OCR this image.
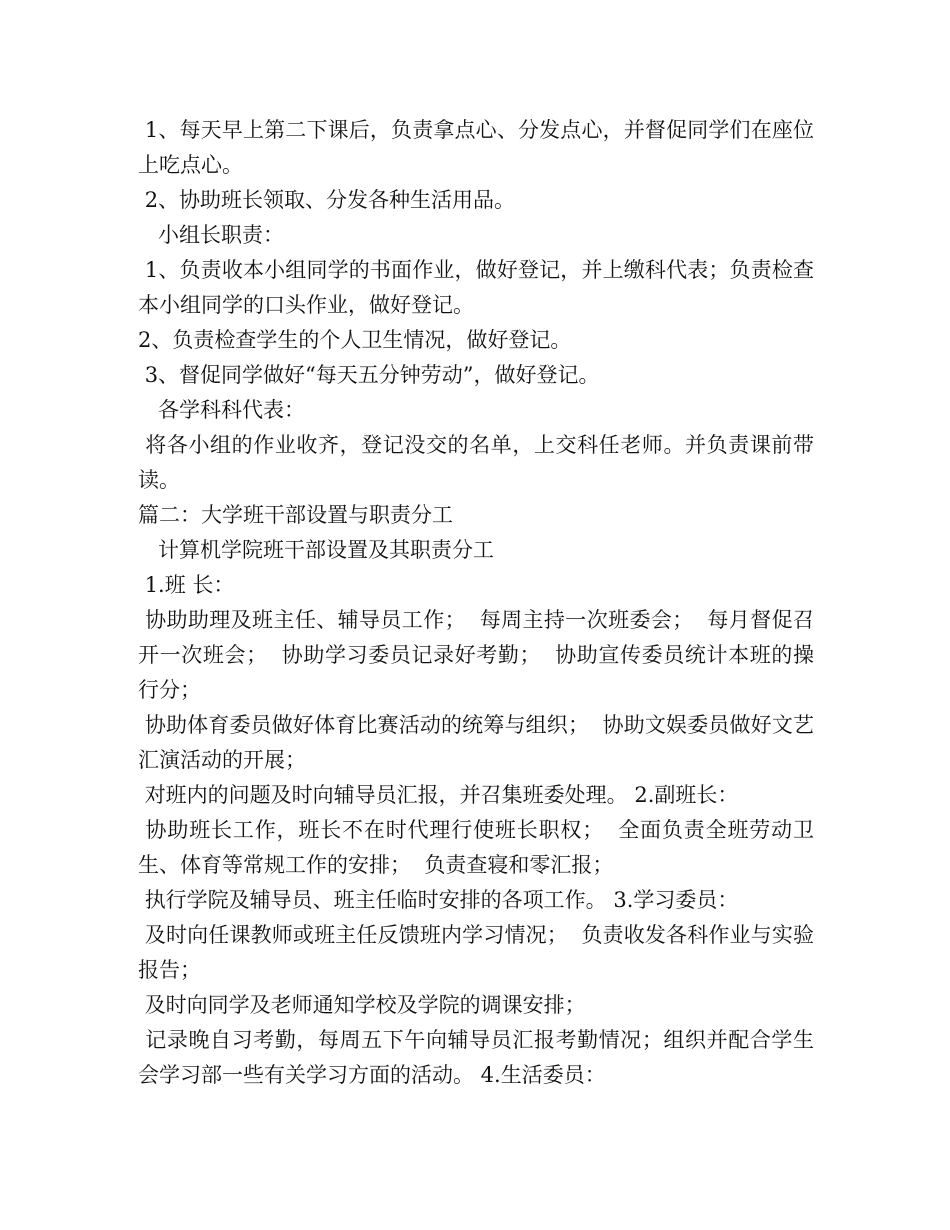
1、每天早上第二下课后，负责拿点心、分发点心，并督促同学们在座位上吃点心。

2、协助班长领取、分发各种生活用品。

小组长职责：

1、负责收本小组同学的书面作业，做好登记，并上缴科代表；负责检查本小组同学的口头作业，做好登记。

2、负责检查学生的个人卫生情况，做好登记。

3、督促同学做好“每天五分钟劳动”，做好登记。

各学科科代表：

将各小组的作业收齐，登记没交的名单，上交科任老师。并负责课前带读。

篇二：大学班干部设置与职责分工

计算机学院班干部设置及其职责分工

1.班 长：

协助助理及班主任、辅导员工作；  每周主持一次班委会；  每月督促召开一次班会；  协助学习委员记录好考勤；  协助宣传委员统计本班的操行分；

协助体育委员做好体育比赛活动的统筹与组织；  协助文娱委员做好文艺汇演活动的开展；

对班内的问题及时向辅导员汇报，并召集班委处理。 2.副班长：

协助班长工作，班长不在时代理行使班长职权；  全面负责全班劳动卫生、体育等常规工作的安排；  负责查寝和零汇报；

执行学院及辅导员、班主任临时安排的各项工作。 3.学习委员：

及时向任课教师或班主任反馈班内学习情况；  负责收发各科作业与实验报告；

及时向同学及老师通知学校及学院的调课安排；

记录晚自习考勤，每周五下午向辅导员汇报考勤情况；组织并配合学生会学习部一些有关学习方面的活动。 4.生活委员：
